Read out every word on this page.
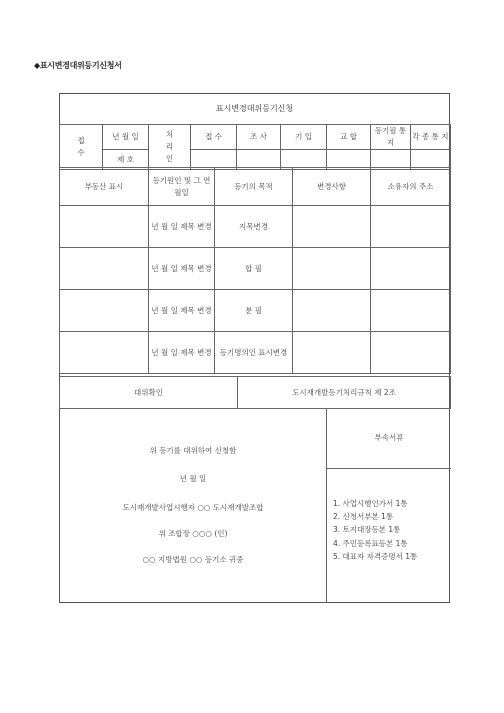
◆표시변경대위등기신청서
표시변경대위등기신청
접 수	년 월 일	처 리 인	접 수	조 사	기 입	교 합	등기필 통 지	각 종 통 지
	제 호							
부동산 표시	등기원인 및 그 연월일	등기의 목적	변경사항	소유자의 주소
	년 월 일 제목 변경	지목변경		
	년 월 일 제목 변경	합 필		
	년 월 일 제목 변경	분 필		
	년 월 일 제목 변경	등기명의인 표시변경		
대위확인	도시재개발등기처리규칙 제 2조
위 등기를 대위하여 신청함
년 월 일
도시재개발사업시행자 ○○ 도시재개발조합
위 조합장 ○○○ (인)
○○ 지방법원 ○○ 등기소 귀중
부속서류
1. 사업시행인가서 1통
2. 신청서부본 1통
3. 토지대장등본 1통
4. 주민등록표등본 1통
5. 대표자 자격증명서 1통
